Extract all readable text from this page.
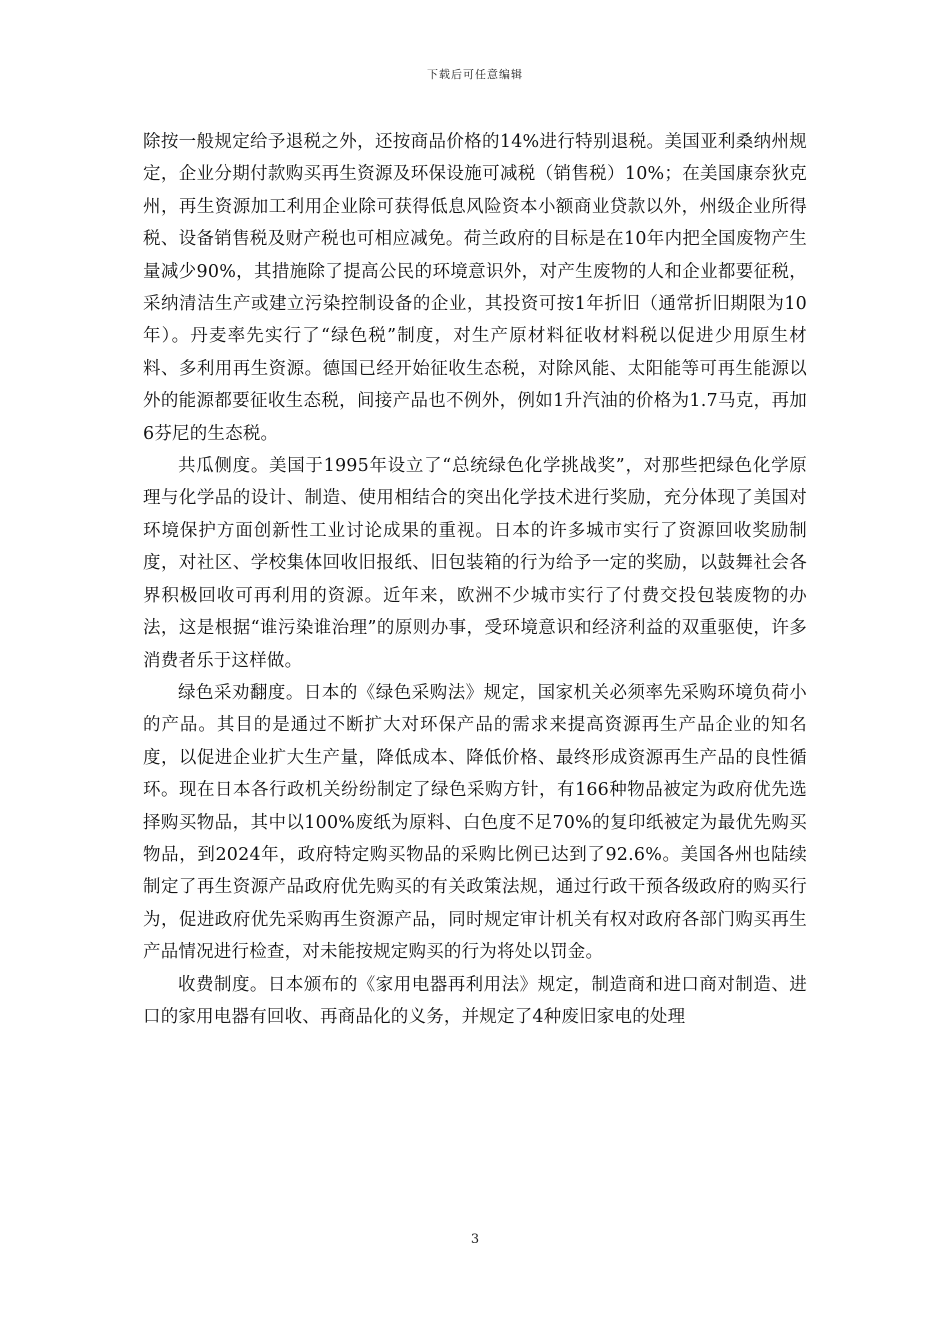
下载后可任意编辑

除按一般规定给予退税之外，还按商品价格的14%进行特别退税。美国亚利桑纳州规定，企业分期付款购买再生资源及环保设施可减税（销售税）10%；在美国康奈狄克州，再生资源加工利用企业除可获得低息风险资本小额商业贷款以外，州级企业所得税、设备销售税及财产税也可相应减免。荷兰政府的目标是在10年内把全国废物产生量减少90%，其措施除了提高公民的环境意识外，对产生废物的人和企业都要征税，采纳清洁生产或建立污染控制设备的企业，其投资可按1年折旧（通常折旧期限为10年）。丹麦率先实行了“绿色税”制度，对生产原材料征收材料税以促进少用原生材料、多利用再生资源。德国已经开始征收生态税，对除风能、太阳能等可再生能源以外的能源都要征收生态税，间接产品也不例外，例如1升汽油的价格为1.7马克，再加6芬尼的生态税。

共瓜侧度。美国于1995年设立了“总统绿色化学挑战奖”，对那些把绿色化学原理与化学品的设计、制造、使用相结合的突出化学技术进行奖励，充分体现了美国对环境保护方面创新性工业讨论成果的重视。日本的许多城市实行了资源回收奖励制度，对社区、学校集体回收旧报纸、旧包装箱的行为给予一定的奖励，以鼓舞社会各界积极回收可再利用的资源。近年来，欧洲不少城市实行了付费交投包装废物的办法，这是根据“谁污染谁治理”的原则办事，受环境意识和经济利益的双重驱使，许多消费者乐于这样做。

绿色采劝翻度。日本的《绿色采购法》规定，国家机关必须率先采购环境负荷小的产品。其目的是通过不断扩大对环保产品的需求来提高资源再生产品企业的知名度，以促进企业扩大生产量，降低成本、降低价格、最终形成资源再生产品的良性循环。现在日本各行政机关纷纷制定了绿色采购方针，有166种物品被定为政府优先选择购买物品，其中以100%废纸为原料、白色度不足70%的复印纸被定为最优先购买物品，到2024年，政府特定购买物品的采购比例已达到了92.6%。美国各州也陆续制定了再生资源产品政府优先购买的有关政策法规，通过行政干预各级政府的购买行为，促进政府优先采购再生资源产品，同时规定审计机关有权对政府各部门购买再生产品情况进行检查，对未能按规定购买的行为将处以罚金。

收费制度。日本颁布的《家用电器再利用法》规定，制造商和进口商对制造、进口的家用电器有回收、再商品化的义务，并规定了4种废旧家电的处理

3
